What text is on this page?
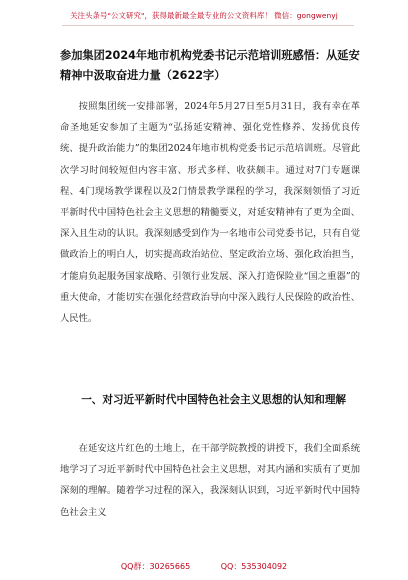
关注头条号"公文研究"，获得最新最全最专业的公文资料库！ 微信：gongwenyj
参加集团2024年地市机构党委书记示范培训班感悟：从延安精神中汲取奋进力量（2622字）

按照集团统一安排部署，2024年5月27日至5月31日，我有幸在革命圣地延安参加了主题为“弘扬延安精神、强化党性修养、发扬优良传统、提升政治能力”的集团2024年地市机构党委书记示范培训班。尽管此次学习时间较短但内容丰富、形式多样、收获颇丰。通过对7门专题课程、4门现场教学课程以及2门情景教学课程的学习，我深刻领悟了习近平新时代中国特色社会主义思想的精髓要义，对延安精神有了更为全面、深入且生动的认识。我深刻感受到作为一名地市公司党委书记，只有自觉做政治上的明白人，切实提高政治站位、坚定政治立场、强化政治担当，才能肩负起服务国家战略、引领行业发展、深入打造保险业“国之重器”的重大使命，才能切实在强化经营政治导向中深入践行人民保险的政治性、人民性。

一、对习近平新时代中国特色社会主义思想的认知和理解

在延安这片红色的土地上，在干部学院教授的讲授下，我们全面系统地学习了习近平新时代中国特色社会主义思想，对其内涵和实质有了更加深刻的理解。随着学习过程的深入，我深刻认识到，习近平新时代中国特色社会主义

QQ群：30265665	QQ：535304092
